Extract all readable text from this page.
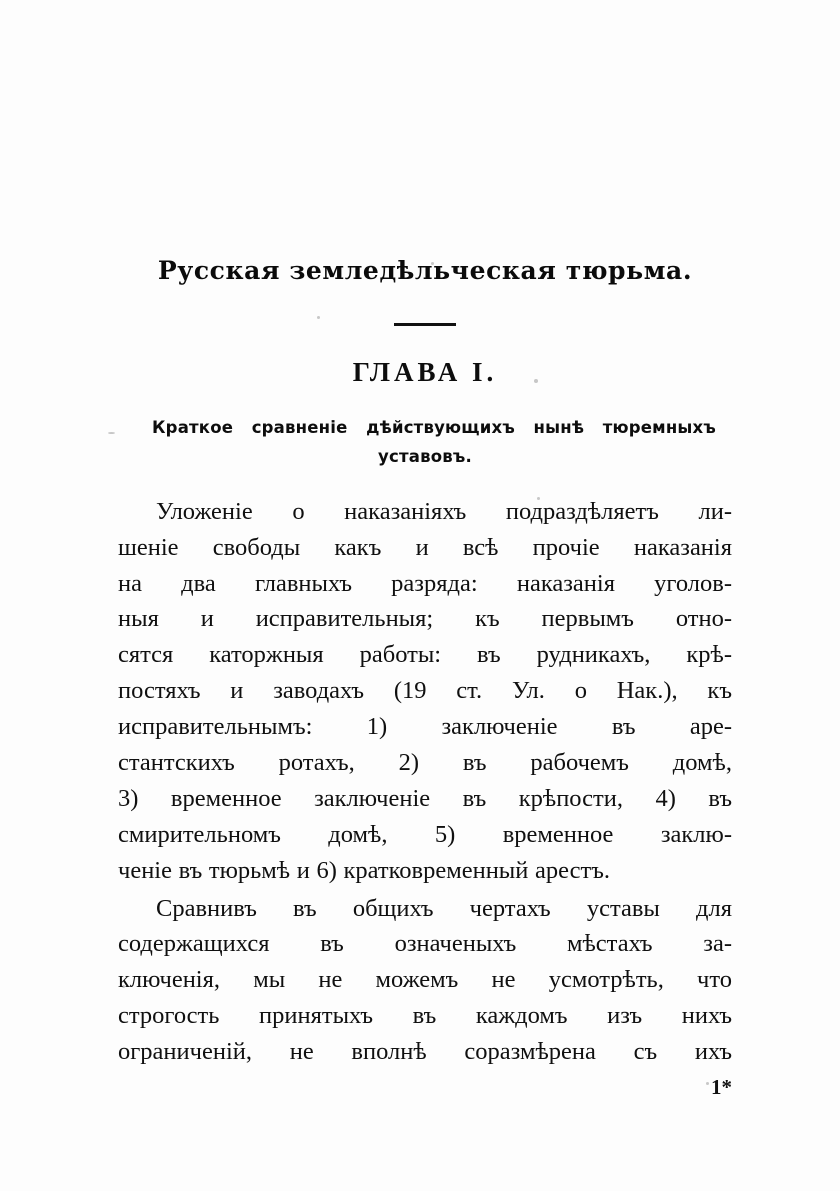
Русская земледѣльческая тюрьма.
ГЛАВА I.
Краткое сравненіе дѣйствующихъ нынѣ тюремныхъ
уставовъ.

Уложеніе о наказаніяхъ подраздѣляетъ ли-
шеніе свободы какъ и всѣ прочіе наказанія
на два главныхъ разряда: наказанія уголов-
ныя и исправительныя; къ первымъ отно-
сятся каторжныя работы: въ рудникахъ, крѣ-
постяхъ и заводахъ (19 ст. Ул. о Нак.), къ
исправительнымъ: 1) заключеніе въ аре-
стантскихъ ротахъ, 2) въ рабочемъ домѣ,
3) временное заключеніе въ крѣпости, 4) въ
смирительномъ домѣ, 5) временное заклю-
ченіе въ тюрьмѣ и 6) кратковременный арестъ.

Сравнивъ въ общихъ чертахъ уставы для
содержащихся въ означеныхъ мѣстахъ за-
ключенія, мы не можемъ не усмотрѣть, что
строгость принятыхъ въ каждомъ изъ нихъ
ограниченій, не вполнѣ соразмѣрена съ ихъ

1*
